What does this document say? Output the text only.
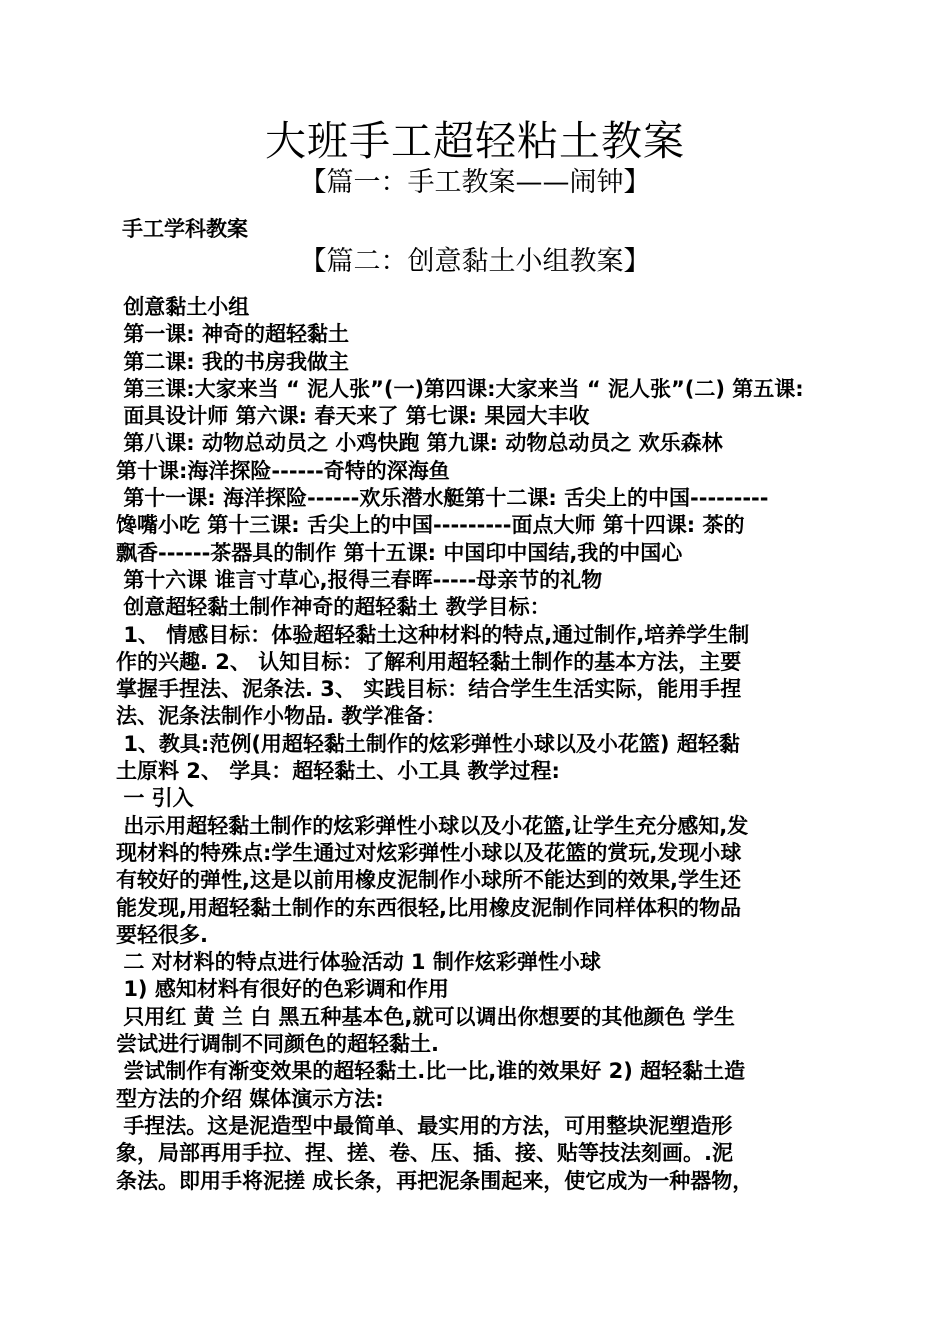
大班手工超轻粘土教案
【篇一：手工教案——闹钟】
手工学科教案
【篇二：创意黏土小组教案】

创意黏土小组

第一课: 神奇的超轻黏土

第二课: 我的书房我做主

第三课:大家来当 “ 泥人张”(一)第四课:大家来当 “ 泥人张”(二) 第五课:

面具设计师 第六课: 春天来了 第七课: 果园大丰收

第八课: 动物总动员之 小鸡快跑 第九课: 动物总动员之 欢乐森林

第十课:海洋探险------奇特的深海鱼

第十一课: 海洋探险------欢乐潜水艇第十二课: 舌尖上的中国---------

馋嘴小吃 第十三课: 舌尖上的中国---------面点大师 第十四课: 茶的

飘香------茶器具的制作 第十五课: 中国印中国结,我的中国心

第十六课 谁言寸草心,报得三春晖-----母亲节的礼物

创意超轻黏土制作神奇的超轻黏土 教学目标：

1、 情感目标：体验超轻黏土这种材料的特点,通过制作,培养学生制

作的兴趣. 2、 认知目标：了解利用超轻黏土制作的基本方法，主要

掌握手捏法、泥条法. 3、 实践目标：结合学生生活实际，能用手捏

法、泥条法制作小物品. 教学准备：

1、教具:范例(用超轻黏土制作的炫彩弹性小球以及小花篮) 超轻黏

土原料 2、 学具：超轻黏土、小工具 教学过程:

一 引入

出示用超轻黏土制作的炫彩弹性小球以及小花篮,让学生充分感知,发

现材料的特殊点:学生通过对炫彩弹性小球以及花篮的赏玩,发现小球

有较好的弹性,这是以前用橡皮泥制作小球所不能达到的效果,学生还

能发现,用超轻黏土制作的东西很轻,比用橡皮泥制作同样体积的物品

要轻很多.

二 对材料的特点进行体验活动 1 制作炫彩弹性小球

1) 感知材料有很好的色彩调和作用

只用红 黄 兰 白 黑五种基本色,就可以调出你想要的其他颜色 学生

尝试进行调制不同颜色的超轻黏土.

尝试制作有渐变效果的超轻黏土.比一比,谁的效果好 2) 超轻黏土造

型方法的介绍 媒体演示方法:

手捏法。这是泥造型中最简单、最实用的方法，可用整块泥塑造形

象，局部再用手拉、捏、搓、卷、压、插、接、贴等技法刻画。.泥

条法。即用手将泥搓 成长条，再把泥条围起来，使它成为一种器物，
